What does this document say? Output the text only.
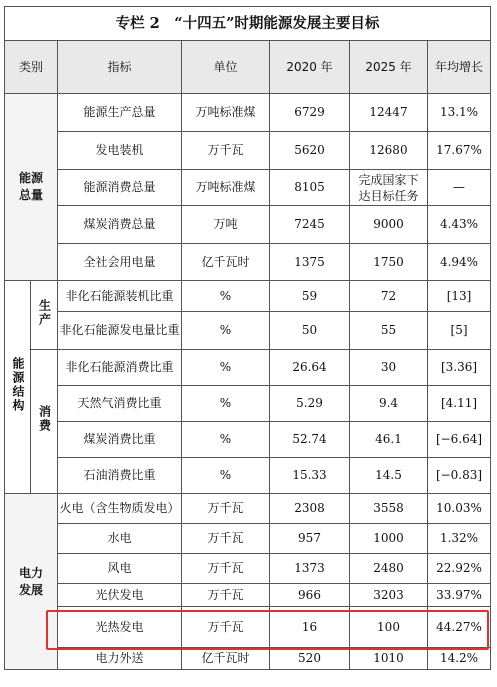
专栏 2　“十四五”时期能源发展主要目标						
类别		指标	单位	2020 年	2025 年	年均增长
能源总量		能源生产总量	万吨标准煤	6729	12447	13.1%
		发电装机	万千瓦	5620	12680	17.67%
		能源消费总量	万吨标准煤	8105	完成国家下达目标任务	—
		煤炭消费总量	万吨	7245	9000	4.43%
		全社会用电量	亿千瓦时	1375	1750	4.94%
能源结构	生产	非化石能源装机比重	%	59	72	[13]
		非化石能源发电量比重	%	50	55	[5]
	消费	非化石能源消费比重	%	26.64	30	[3.36]
		天然气消费比重	%	5.29	9.4	[4.11]
		煤炭消费比重	%	52.74	46.1	[−6.64]
		石油消费比重	%	15.33	14.5	[−0.83]
电力发展		火电（含生物质发电）	万千瓦	2308	3558	10.03%
		水电	万千瓦	957	1000	1.32%
		风电	万千瓦	1373	2480	22.92%
		光伏发电	万千瓦	966	3203	33.97%
		光热发电	万千瓦	16	100	44.27%
		电力外送	亿千瓦时	520	1010	14.2%
